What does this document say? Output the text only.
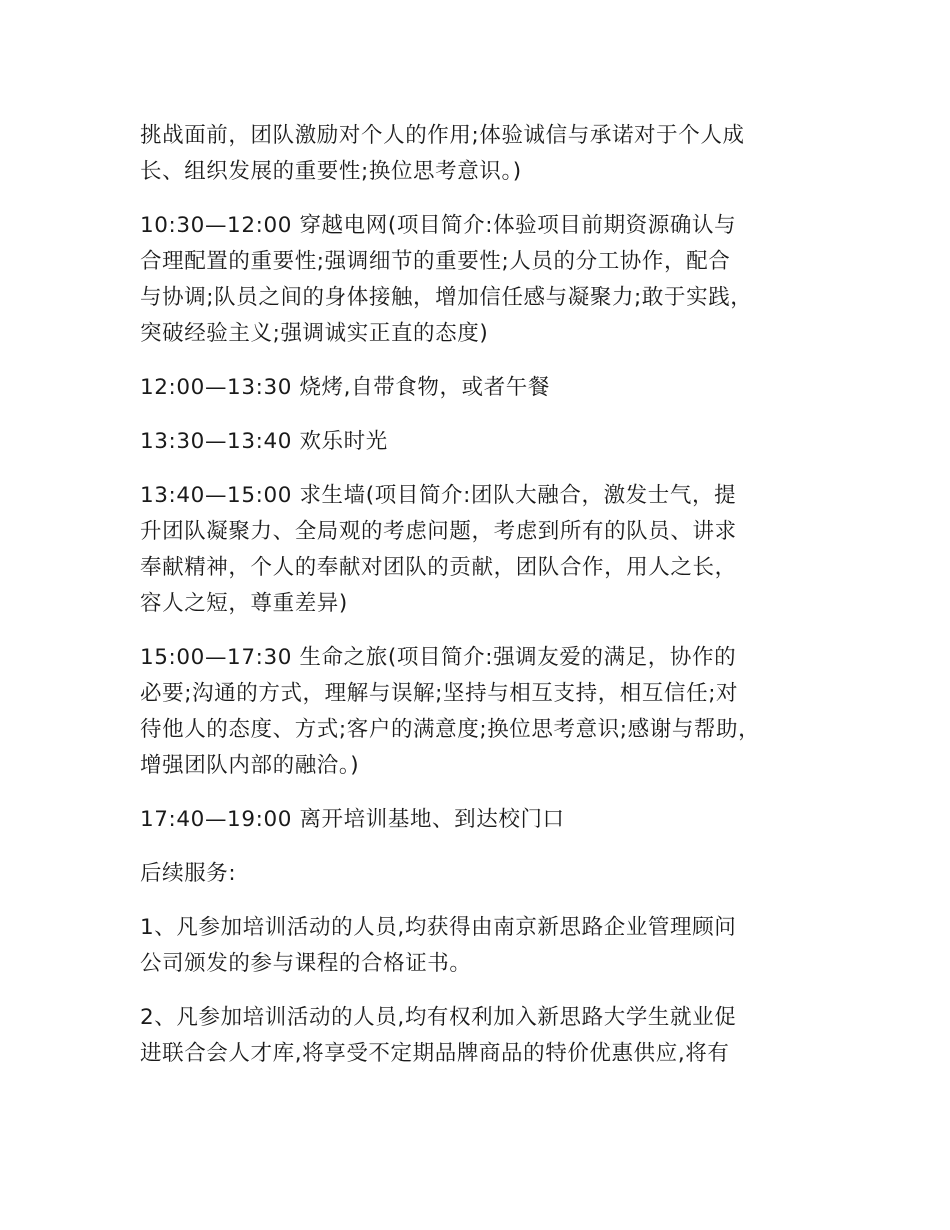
挑战面前，团队激励对个人的作用;体验诚信与承诺对于个人成
长、组织发展的重要性;换位思考意识。)

10:30—12:00 穿越电网(项目简介:体验项目前期资源确认与
合理配置的重要性;强调细节的重要性;人员的分工协作，配合
与协调;队员之间的身体接触，增加信任感与凝聚力;敢于实践，
突破经验主义;强调诚实正直的态度)

12:00—13:30 烧烤,自带食物，或者午餐

13:30—13:40 欢乐时光

13:40—15:00 求生墙(项目简介:团队大融合，激发士气，提
升团队凝聚力、全局观的考虑问题，考虑到所有的队员、讲求
奉献精神，个人的奉献对团队的贡献，团队合作，用人之长，
容人之短，尊重差异)

15:00—17:30 生命之旅(项目简介:强调友爱的满足，协作的
必要;沟通的方式，理解与误解;坚持与相互支持，相互信任;对
待他人的态度、方式;客户的满意度;换位思考意识;感谢与帮助，
增强团队内部的融洽。)

17:40—19:00 离开培训基地、到达校门口

后续服务:

1、凡参加培训活动的人员,均获得由南京新思路企业管理顾问
公司颁发的参与课程的合格证书。

2、凡参加培训活动的人员,均有权利加入新思路大学生就业促
进联合会人才库,将享受不定期品牌商品的特价优惠供应,将有
